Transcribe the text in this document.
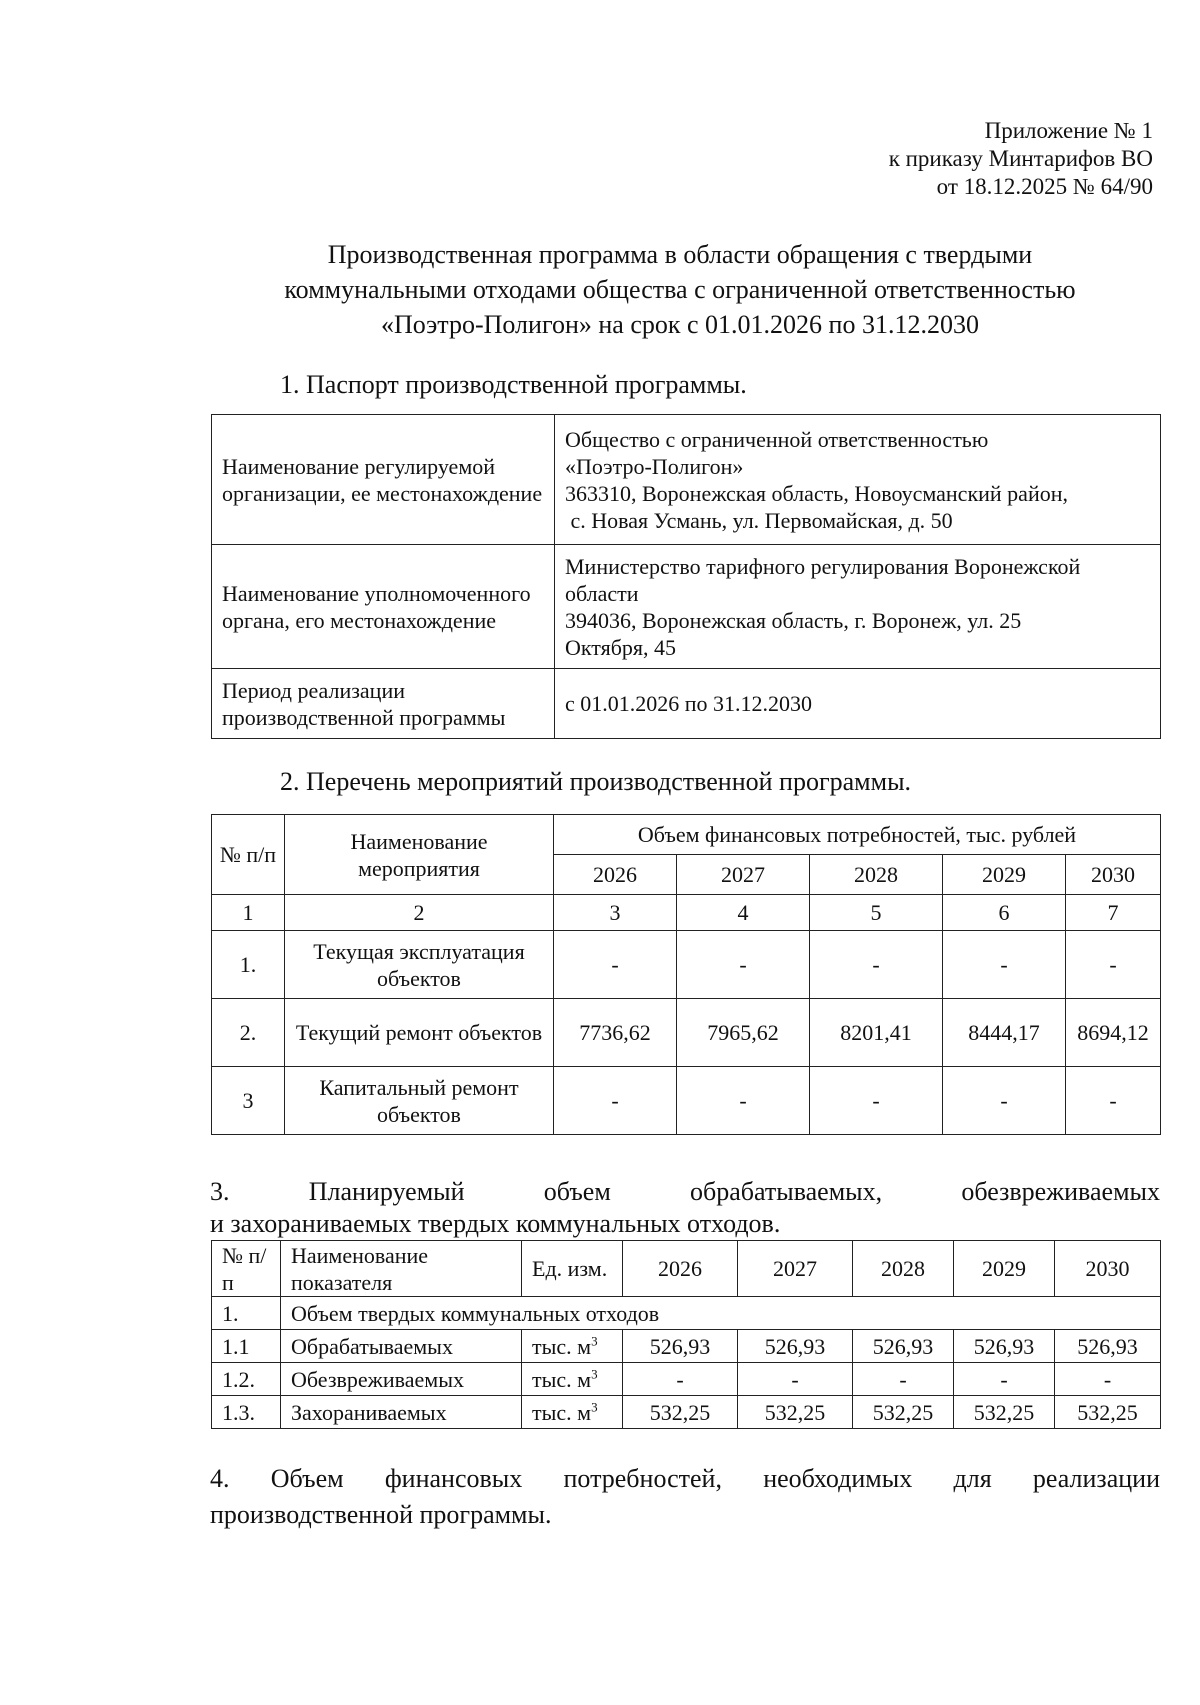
Приложение № 1
к приказу Минтарифов ВО
от 18.12.2025 № 64/90
Производственная программа в области обращения с твердыми
коммунальными отходами общества с ограниченной ответственностью
«Поэтро-Полигон» на срок с 01.01.2026 по 31.12.2030
1. Паспорт производственной программы.
Наименование регулируемой организации, ее местонахождение	Общество с ограниченной ответственностью
«Поэтро-Полигон»
363310, Воронежская область, Новоусманский район,
с. Новая Усмань, ул. Первомайская, д. 50

Наименование уполномоченного органа, его местонахождение	Министерство тарифного регулирования Воронежской
области
394036, Воронежская область, г. Воронеж, ул. 25
Октября, 45

Период реализации производственной программы	с 01.01.2026 по 31.12.2030
2. Перечень мероприятий производственной программы.
№ п/п	Наименование мероприятия	Объем финансовых потребностей, тыс. рублей				
		2026	2027	2028	2029	2030
1	2	3	4	5	6	7
1.	Текущая эксплуатация объектов	-	-	-	-	-
2.	Текущий ремонт объектов	7736,62	7965,62	8201,41	8444,17	8694,12
3	Капитальный ремонт объектов	-	-	-	-	-
3. Планируемый объем обрабатываемых, обезвреживаемых
и захораниваемых твердых коммунальных отходов.
№ п/п	Наименование показателя	Ед. изм.	2026	2027	2028	2029	2030
1.	Объем твердых коммунальных отходов						
1.1	Обрабатываемых	тыс. $м^3$	526,93	526,93	526,93	526,93	526,93
1.2.	Обезвреживаемых	тыс. $м^3$	-	-	-	-	-
1.3.	Захораниваемых	тыс. $м^3$	532,25	532,25	532,25	532,25	532,25
4. Объем финансовых потребностей, необходимых для реализации
производственной программы.
